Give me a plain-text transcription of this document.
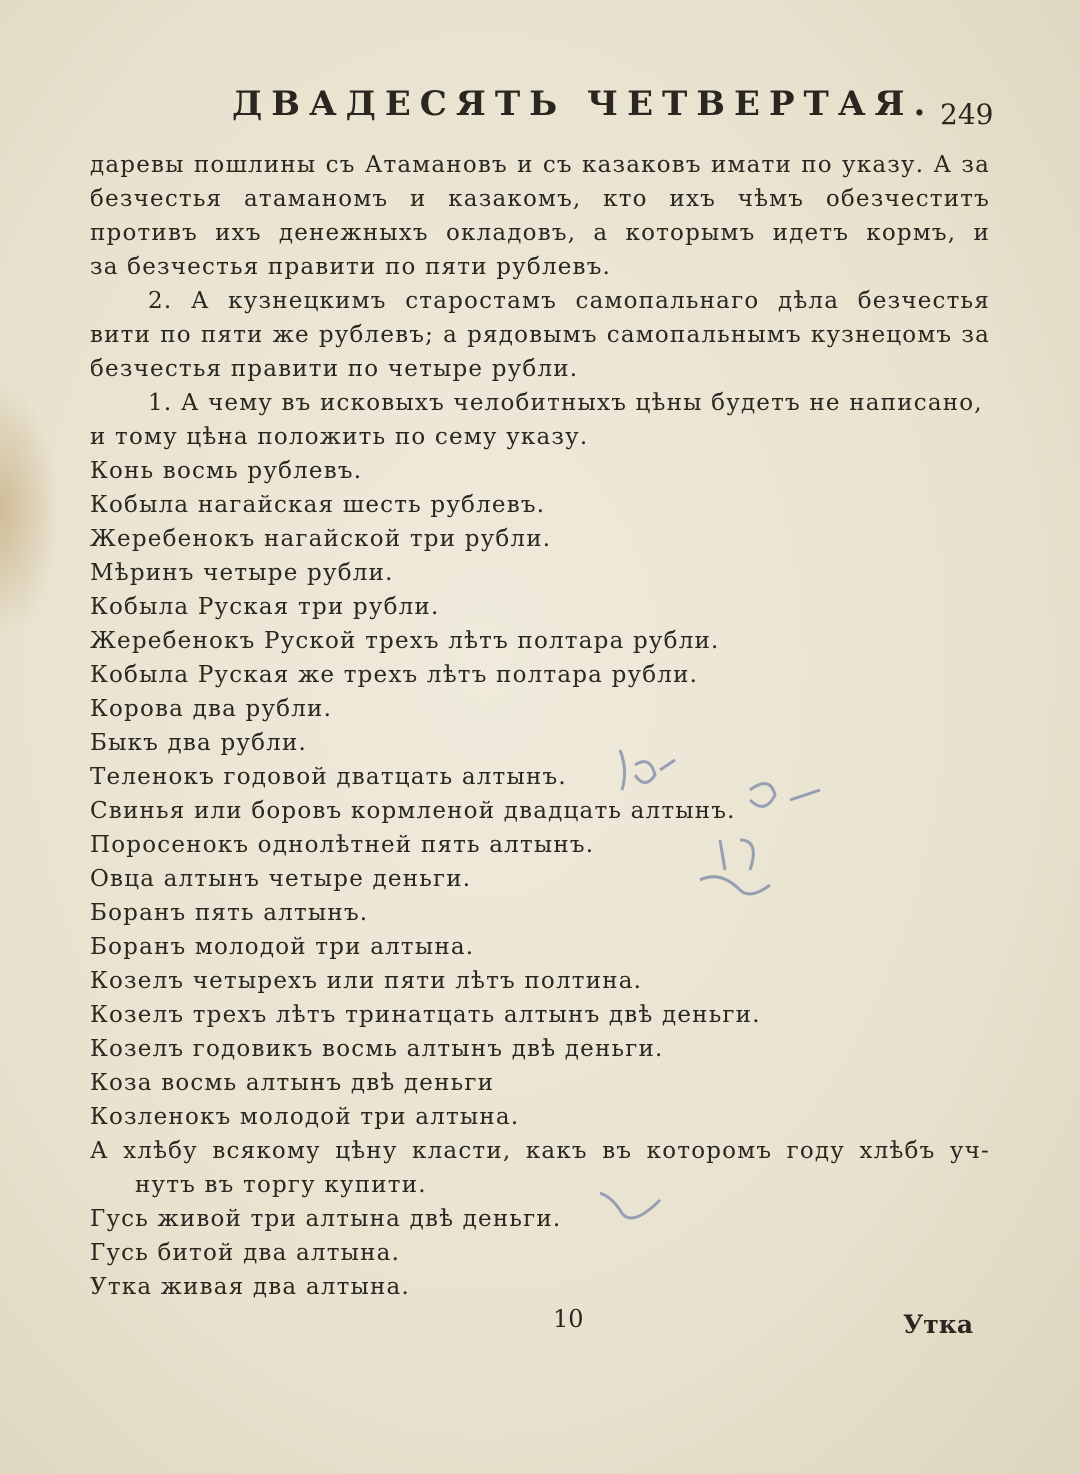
ДВАДЕСЯТЬ ЧЕТВЕРТАЯ. 249
даревы пошлины съ Атамановъ и съ казаковъ имати по указу. А за
безчестья атаманомъ и казакомъ, кто ихъ чѣмъ обезчеститъ
противъ ихъ денежныхъ окладовъ, а которымъ идетъ кормъ, и
за безчестья правити по пяти рублевъ.
2. А кузнецкимъ старостамъ самопальнаго дѣла безчестья
вити по пяти же рублевъ; а рядовымъ самопальнымъ кузнецомъ за
безчестья правити по четыре рубли.
1. А чему въ исковыхъ челобитныхъ цѣны будетъ не написано,
и тому цѣна положить по сему указу.
Конь восмь рублевъ.
Кобыла нагайская шесть рублевъ.
Жеребенокъ нагайской три рубли.
Мѣринъ четыре рубли.
Кобыла Руская три рубли.
Жеребенокъ Руской трехъ лѣтъ полтара рубли.
Кобыла Руская же трехъ лѣтъ полтара рубли.
Корова два рубли.
Быкъ два рубли.
Теленокъ годовой дватцать алтынъ.
Свинья или боровъ кормленой двадцать алтынъ.
Поросенокъ однолѣтней пять алтынъ.
Овца алтынъ четыре деньги.
Боранъ пять алтынъ.
Боранъ молодой три алтына.
Козелъ четырехъ или пяти лѣтъ полтина.
Козелъ трехъ лѣтъ тринатцать алтынъ двѣ деньги.
Козелъ годовикъ восмь алтынъ двѣ деньги.
Коза восмь алтынъ двѣ деньги
Козленокъ молодой три алтына.
А хлѣбу всякому цѣну класти, какъ въ которомъ году хлѣбъ уч-
нутъ въ торгу купити.
Гусь живой три алтына двѣ деньги.
Гусь битой два алтына.
Утка живая два алтына.
10	Утка
